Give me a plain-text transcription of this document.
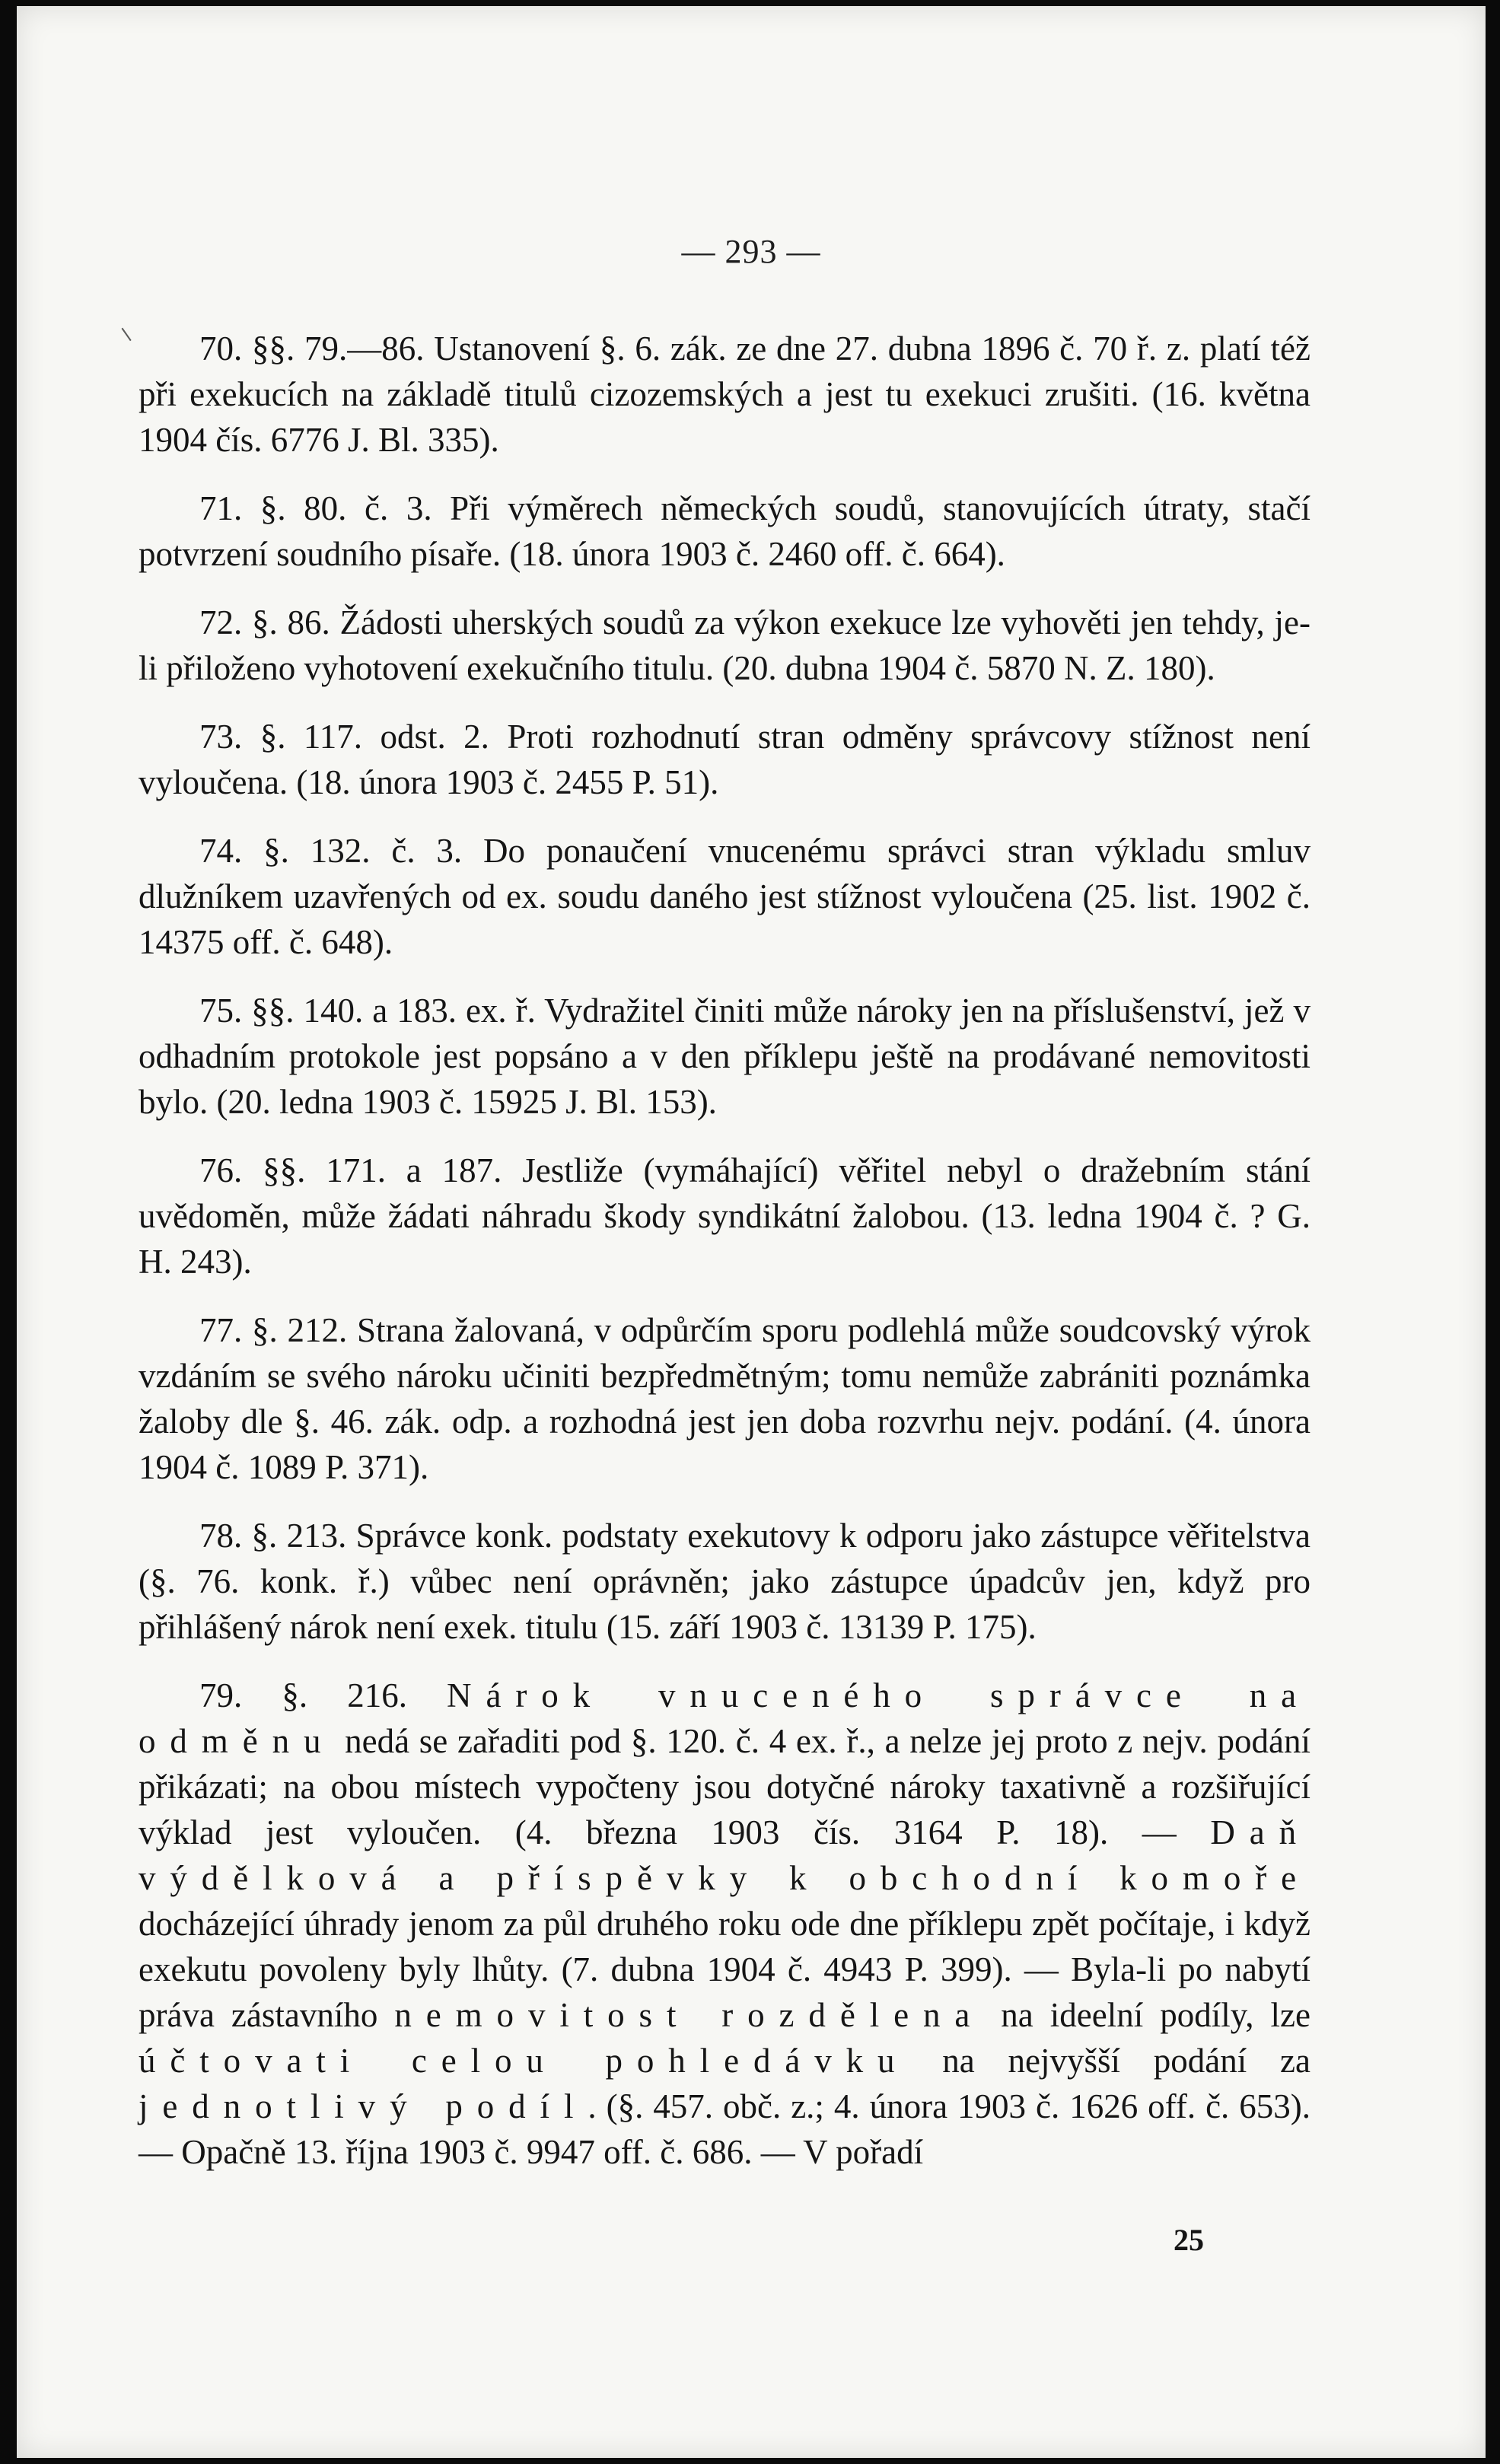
— 293 —

70. §§. 79.—86. Ustanovení §. 6. zák. ze dne 27. dubna 1896 č. 70 ř. z. platí též při exekucích na základě titulů cizozemských a jest tu exekuci zrušiti. (16. května 1904 čís. 6776 J. Bl. 335).

71. §. 80. č. 3. Při výměrech německých soudů, stanovujících útraty, stačí potvrzení soudního písaře. (18. února 1903 č. 2460 off. č. 664).

72. §. 86. Žádosti uherských soudů za výkon exekuce lze vyhověti jen tehdy, je-li přiloženo vyhotovení exekučního titulu. (20. dubna 1904 č. 5870 N. Z. 180).

73. §. 117. odst. 2. Proti rozhodnutí stran odměny správcovy stížnost není vyloučena. (18. února 1903 č. 2455 P. 51).

74. §. 132. č. 3. Do ponaučení vnucenému správci stran výkladu smluv dlužníkem uzavřených od ex. soudu daného jest stížnost vyloučena (25. list. 1902 č. 14375 off. č. 648).

75. §§. 140. a 183. ex. ř. Vydražitel činiti může nároky jen na příslušenství, jež v odhadním protokole jest popsáno a v den příklepu ještě na prodávané nemovitosti bylo. (20. ledna 1903 č. 15925 J. Bl. 153).

76. §§. 171. a 187. Jestliže (vymáhající) věřitel nebyl o dražebním stání uvědoměn, může žádati náhradu škody syndikátní žalobou. (13. ledna 1904 č. ? G. H. 243).

77. §. 212. Strana žalovaná, v odpůrčím sporu podlehlá může soudcovský výrok vzdáním se svého nároku učiniti bezpředmětným; tomu nemůže zabrániti poznámka žaloby dle §. 46. zák. odp. a rozhodná jest jen doba rozvrhu nejv. podání. (4. února 1904 č. 1089 P. 371).

78. §. 213. Správce konk. podstaty exekutovy k odporu jako zástupce věřitelstva (§. 76. konk. ř.) vůbec není oprávněn; jako zástupce úpadcův jen, když pro přihlášený nárok není exek. titulu (15. září 1903 č. 13139 P. 175).

79. §. 216. Nárok vnuceného správce na odměnu nedá se zařaditi pod §. 120. č. 4 ex. ř., a nelze jej proto z nejv. podání přikázati; na obou místech vypočteny jsou dotyčné nároky taxativně a rozšiřující výklad jest vyloučen. (4. března 1903 čís. 3164 P. 18). — Daň výdělková a příspěvky k obchodní komoře docházející úhrady jenom za půl druhého roku ode dne příklepu zpět počítaje, i když exekutu povoleny byly lhůty. (7. dubna 1904 č. 4943 P. 399). — Byla-li po nabytí práva zástavního nemovitost rozdělena na ideelní podíly, lze účtovati celou pohledávku na nejvyšší podání za jednotlivý podíl. (§. 457. obč. z.; 4. února 1903 č. 1626 off. č. 653). — Opačně 13. října 1903 č. 9947 off. č. 686. — V pořadí

25
